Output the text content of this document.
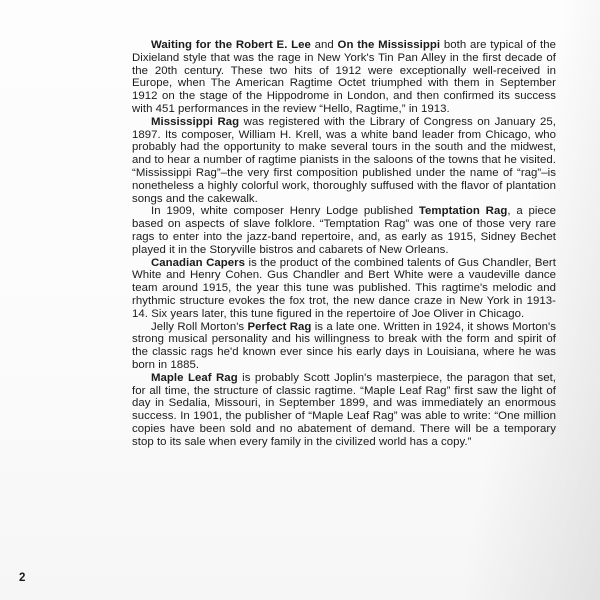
Waiting for the Robert E. Lee and On the Mississippi both are typical of the Dixieland style that was the rage in New York's Tin Pan Alley in the first decade of the 20th century. These two hits of 1912 were exceptionally well-received in Europe, when The American Ragtime Octet triumphed with them in September 1912 on the stage of the Hippodrome in London, and then confirmed its success with 451 performances in the review “Hello, Ragtime,” in 1913.

Mississippi Rag was registered with the Library of Congress on January 25, 1897. Its composer, William H. Krell, was a white band leader from Chicago, who probably had the opportunity to make several tours in the south and the midwest, and to hear a number of ragtime pianists in the saloons of the towns that he visited. “Mississippi Rag”–the very first composition published under the name of “rag”–is nonetheless a highly colorful work, thoroughly suffused with the flavor of plantation songs and the cakewalk.

In 1909, white composer Henry Lodge published Temptation Rag, a piece based on aspects of slave folklore. “Temptation Rag” was one of those very rare rags to enter into the jazz-band repertoire, and, as early as 1915, Sidney Bechet played it in the Storyville bistros and cabarets of New Orleans.

Canadian Capers is the product of the combined talents of Gus Chandler, Bert White and Henry Cohen. Gus Chandler and Bert White were a vaudeville dance team around 1915, the year this tune was published. This ragtime's melodic and rhythmic structure evokes the fox trot, the new dance craze in New York in 1913-14. Six years later, this tune figured in the repertoire of Joe Oliver in Chicago.

Jelly Roll Morton's Perfect Rag is a late one. Written in 1924, it shows Morton's strong musical personality and his willingness to break with the form and spirit of the classic rags he'd known ever since his early days in Louisiana, where he was born in 1885.

Maple Leaf Rag is probably Scott Joplin's masterpiece, the paragon that set, for all time, the structure of classic ragtime. “Maple Leaf Rag” first saw the light of day in Sedalia, Missouri, in September 1899, and was immediately an enormous success. In 1901, the publisher of “Maple Leaf Rag” was able to write: “One million copies have been sold and no abatement of demand. There will be a temporary stop to its sale when every family in the civilized world has a copy.”

2
